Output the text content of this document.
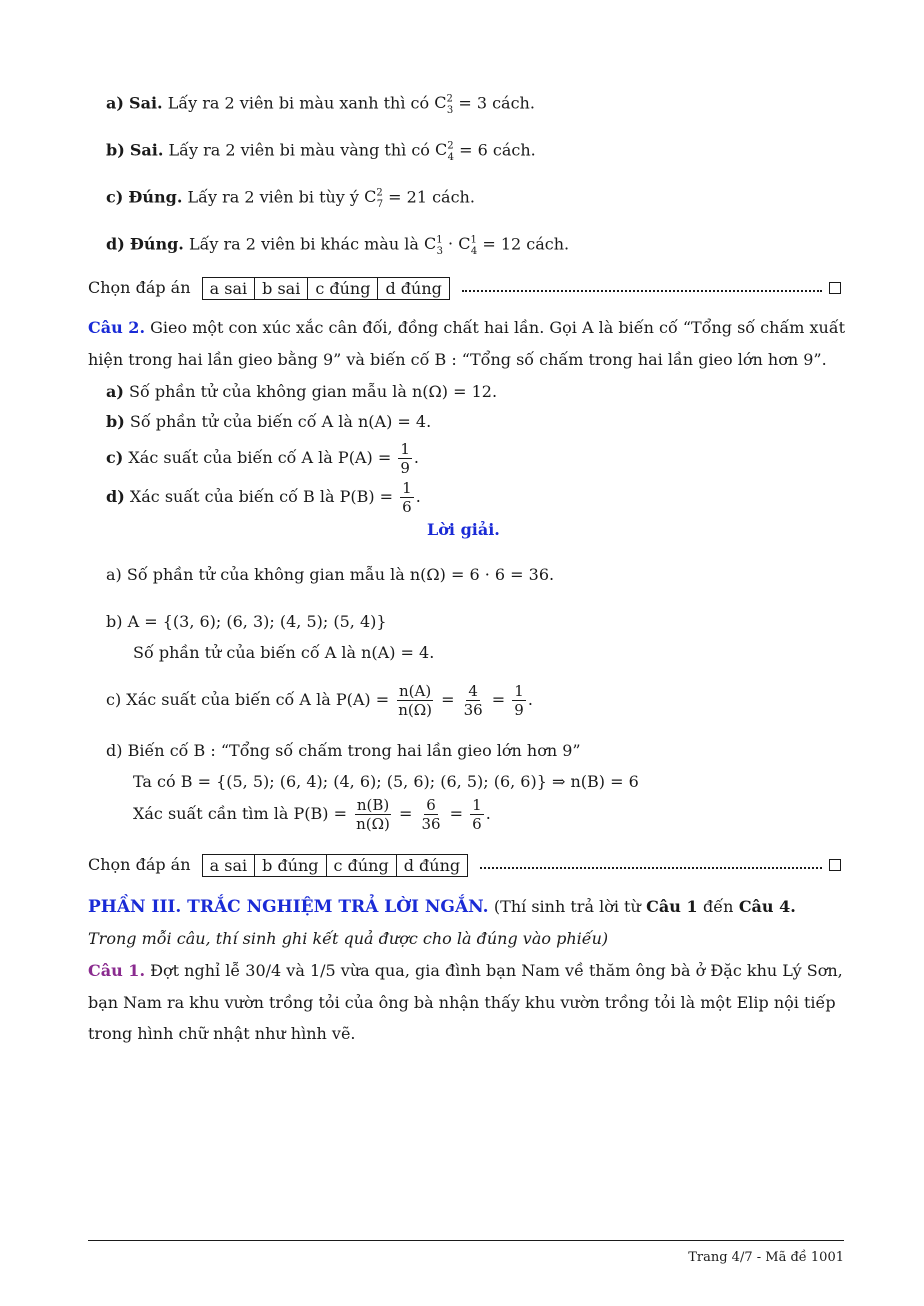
a) Sai. Lấy ra 2 viên bi màu xanh thì có $C^2_3 = 3$ cách.
b) Sai. Lấy ra 2 viên bi màu vàng thì có $C^2_4 = 6$ cách.
c) Đúng. Lấy ra 2 viên bi tùy ý $C^2_7 = 21$ cách.
d) Đúng. Lấy ra 2 viên bi khác màu là $C^1_3 \cdot C^1_4 = 12$ cách.
Chọn đáp án	a sai b sai c đúng d đúng
Câu 2. Gieo một con xúc xắc cân đối, đồng chất hai lần. Gọi A là biến cố “Tổng số chấm xuất
hiện trong hai lần gieo bằng 9” và biến cố B : “Tổng số chấm trong hai lần gieo lớn hơn 9”.
a) Số phần tử của không gian mẫu là n(Ω) = 12.
b) Số phần tử của biến cố A là n(A) = 4.
c) Xác suất của biến cố A là $P(A) = \frac{1}{9}$ .
d) Xác suất của biến cố B là $P(B) = \frac{1}{6}$ .
Lời giải.
a) Số phần tử của không gian mẫu là n(Ω) = 6 · 6 = 36.
b) A = {(3, 6); (6, 3); (4, 5); (5, 4)}
Số phần tử của biến cố A là n(A) = 4.
c) Xác suất của biến cố A là $P(A) = \frac{n(A)}{n(\Omega)} = \frac{4}{36} = \frac{1}{9}$ .
d) Biến cố B : “Tổng số chấm trong hai lần gieo lớn hơn 9”
Ta có B = {(5, 5); (6, 4); (4, 6); (5, 6); (6, 5); (6, 6)} ⇒ n(B) = 6
Xác suất cần tìm là $P(B) = \frac{n(B)}{n(\Omega)} = \frac{6}{36} = \frac{1}{6}$ .
Chọn đáp án	a sai b đúng c đúng d đúng
PHẦN III. TRẮC NGHIỆM TRẢ LỜI NGẮN. (Thí sinh trả lời từ Câu 1 đến Câu 4.
Trong mỗi câu, thí sinh ghi kết quả được cho là đúng vào phiếu)
Câu 1. Đợt nghỉ lễ 30/4 và 1/5 vừa qua, gia đình bạn Nam về thăm ông bà ở Đặc khu Lý Sơn,
bạn Nam ra khu vườn trồng tỏi của ông bà nhận thấy khu vườn trồng tỏi là một Elip nội tiếp
trong hình chữ nhật như hình vẽ.
Trang 4/7 - Mã đề 1001
